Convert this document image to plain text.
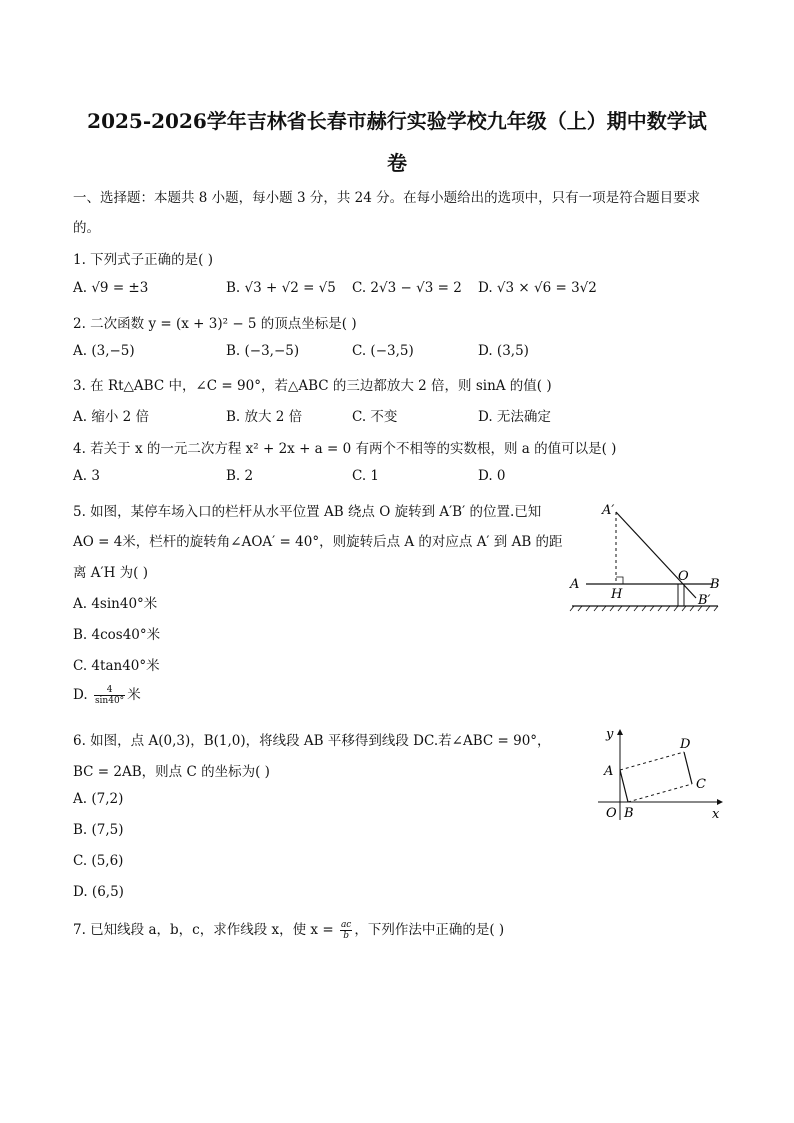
2025-2026学年吉林省长春市赫行实验学校九年级（上）期中数学试
卷
一、选择题：本题共 8 小题，每小题 3 分，共 24 分。在每小题给出的选项中，只有一项是符合题目要求
的。
1. 下列式子正确的是( )
A. √9 = ±3	B. √3 + √2 = √5 C. 2√3 − √3 = 2 D. √3 × √6 = 3√2
2. 二次函数 y = (x + 3)² − 5 的顶点坐标是( )
A. (3,−5)	B. (−3,−5)	C. (−3,5)	D. (3,5)
3. 在 Rt△ABC 中，∠C = 90°，若△ABC 的三边都放大 2 倍，则 sinA 的值( )
A. 缩小 2 倍	B. 放大 2 倍	C. 不变	D. 无法确定
4. 若关于 x 的一元二次方程 x² + 2x + a = 0 有两个不相等的实数根，则 a 的值可以是( )
A. 3	B. 2	C. 1	D. 0
5. 如图，某停车场入口的栏杆从水平位置 AB 绕点 O 旋转到 A′B′ 的位置.已知
AO = 4米，栏杆的旋转角∠AOA′ = 40°，则旋转后点 A 的对应点 A′ 到 AB 的距
离 A′H 为( )
A. 4sin40°米
B. 4cos40°米
C. 4tan40°米
D. $\frac{4}{\sin 40^\circ}$ 米
A′
A
H
O
B
B′
6. 如图，点 A(0,3)，B(1,0)，将线段 AB 平移得到线段 DC.若∠ABC = 90°，
BC = 2AB，则点 C 的坐标为( )
A. (7,2)
B. (7,5)
C. (5,6)
D. (6,5)
y
x
A
D
C
O B
7. 已知线段 a，b，c，求作线段 x，使 $x = \frac{ac}{b}$ ，下列作法中正确的是( )
